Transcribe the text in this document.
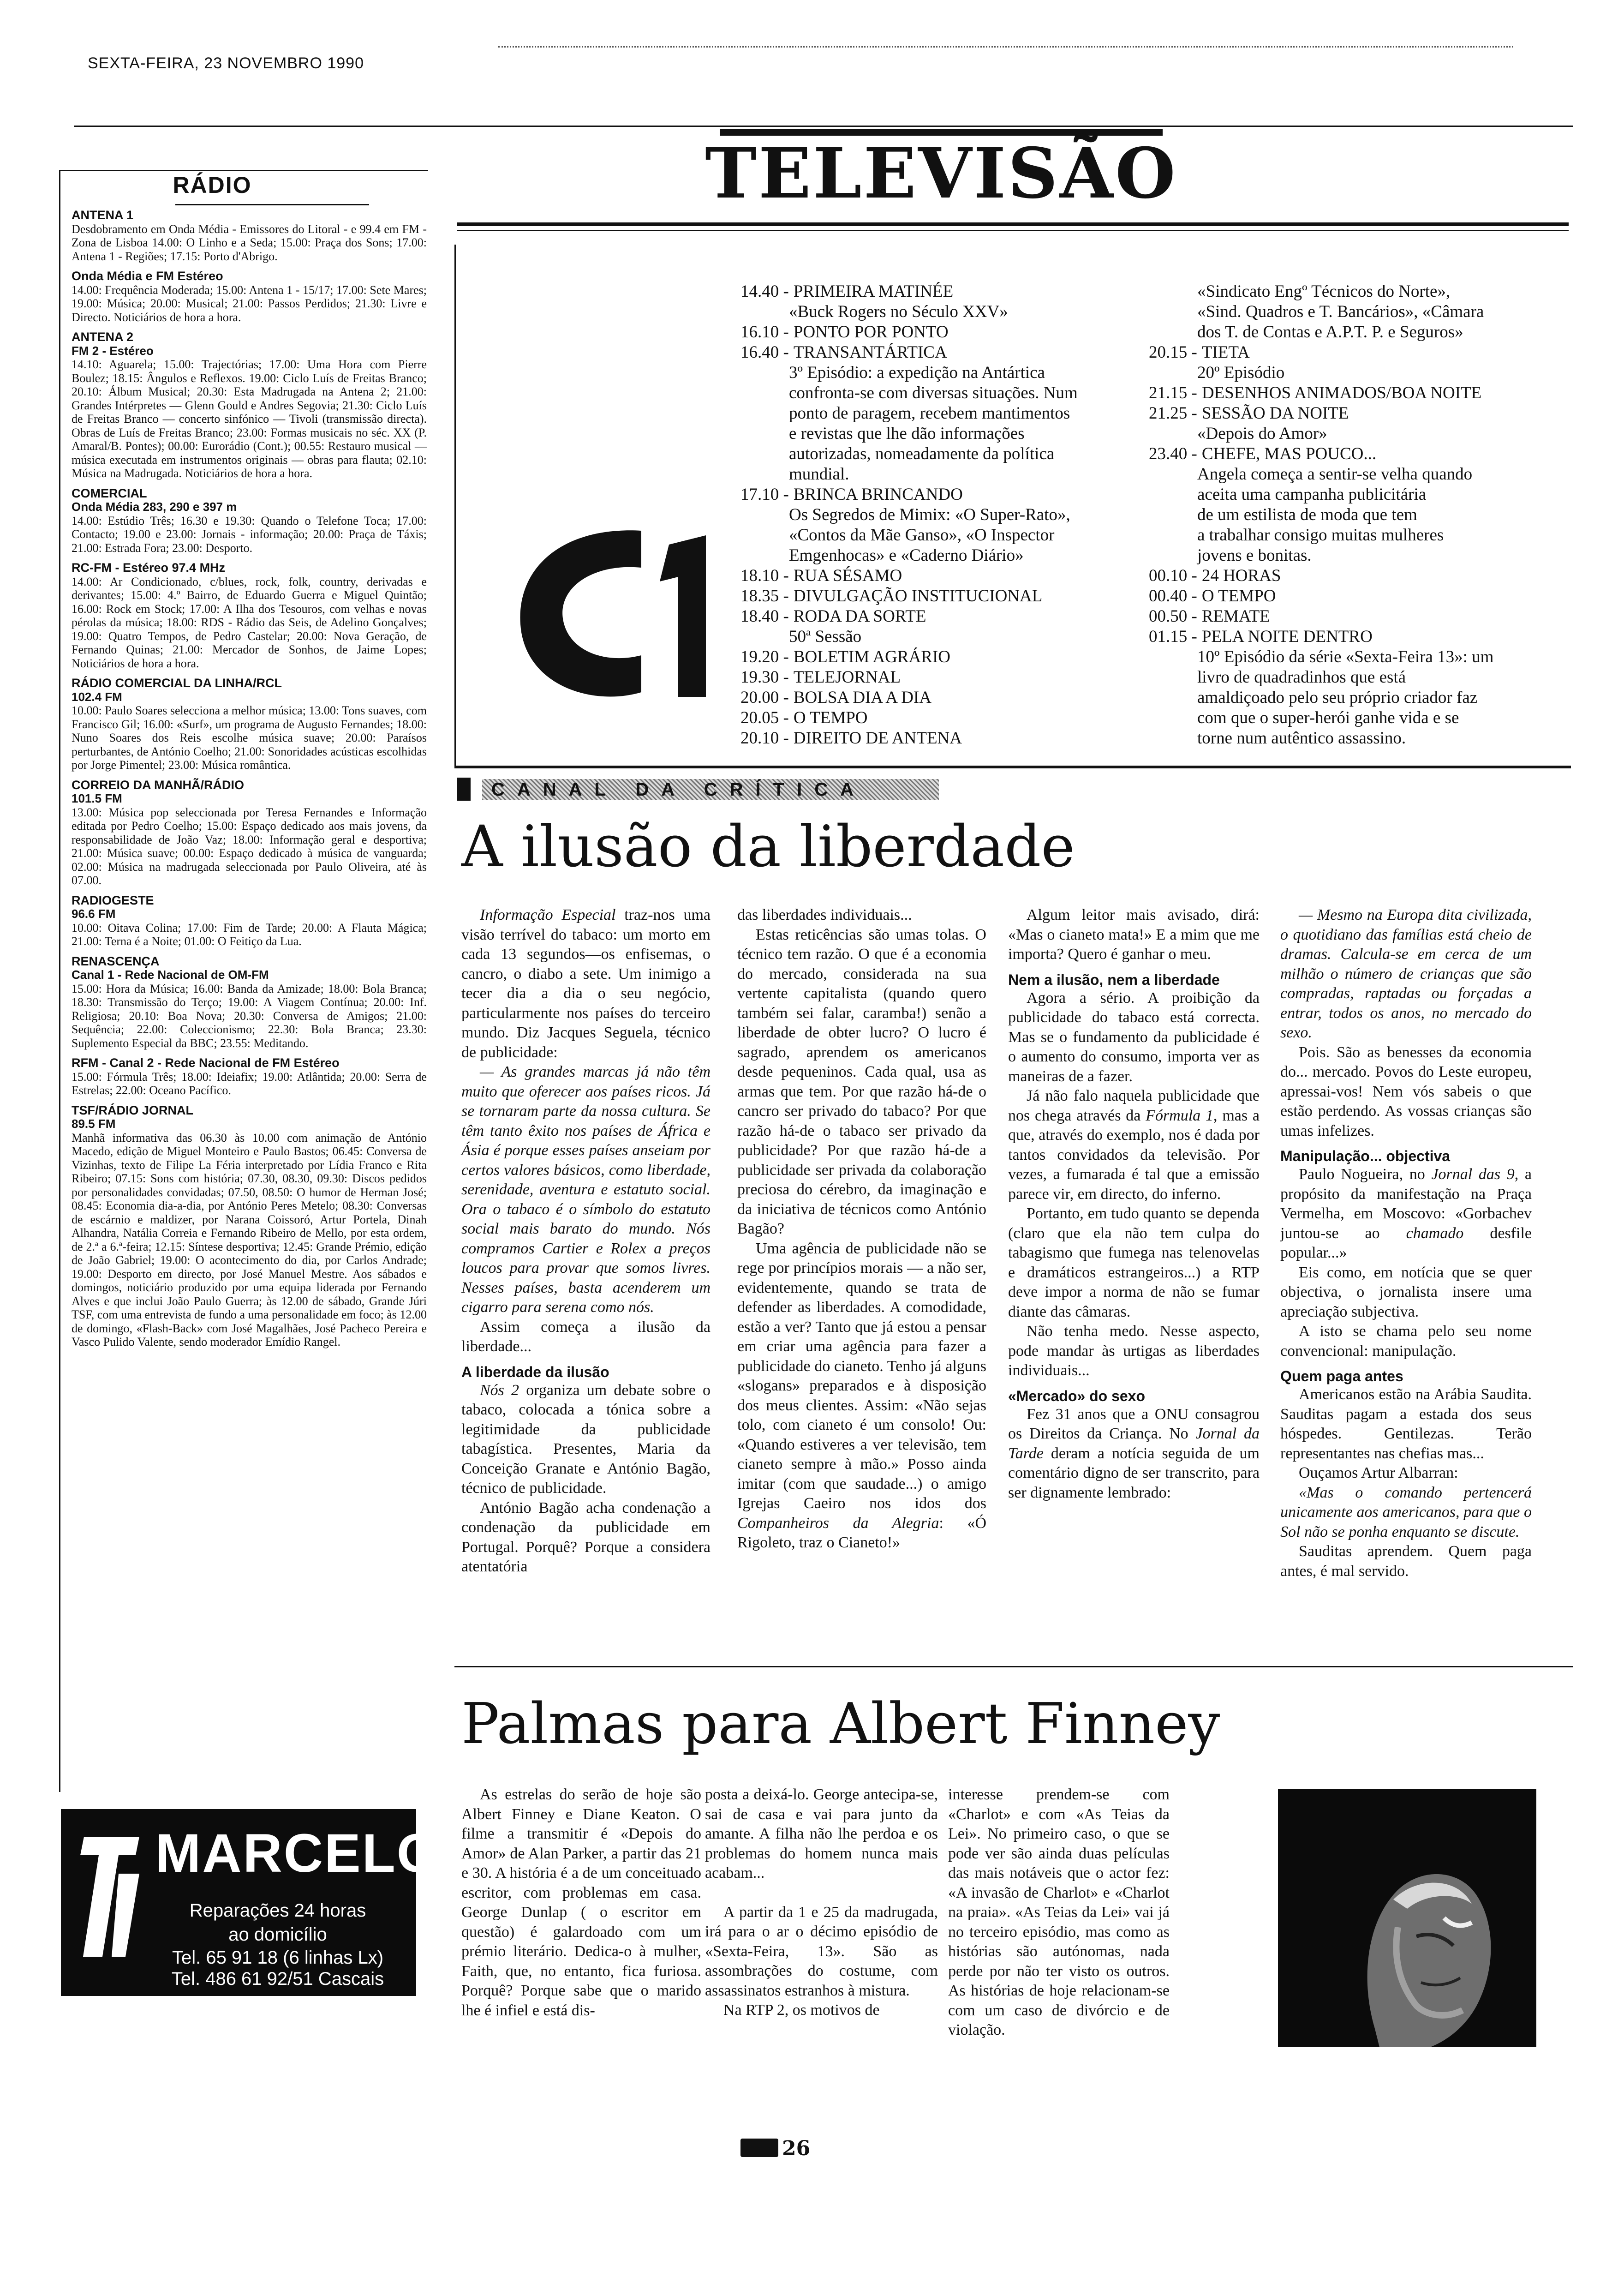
SEXTA-FEIRA, 23 NOVEMBRO 1990
RÁDIO
ANTENA 1
Desdobramento em Onda Média - Emissores do Litoral - e 99.4 em FM - Zona de Lisboa 14.00: O Linho e a Seda; 15.00: Praça dos Sons; 17.00: Antena 1 - Regiões; 17.15: Porto d'Abrigo.
Onda Média e FM Estéreo
14.00: Frequência Moderada; 15.00: Antena 1 - 15/17; 17.00: Sete Mares; 19.00: Música; 20.00: Musical; 21.00: Passos Perdidos; 21.30: Livre e Directo. Noticiários de hora a hora.
ANTENA 2
FM 2 - Estéreo
14.10: Aguarela; 15.00: Trajectórias; 17.00: Uma Hora com Pierre Boulez; 18.15: Ângulos e Reflexos. 19.00: Ciclo Luís de Freitas Branco; 20.10: Álbum Musical; 20.30: Esta Madrugada na Antena 2; 21.00: Grandes Intérpretes — Glenn Gould e Andres Segovia; 21.30: Ciclo Luís de Freitas Branco — concerto sinfónico — Tivoli (transmissão directa). Obras de Luís de Freitas Branco; 23.00: Formas musicais no séc. XX (P. Amaral/B. Pontes); 00.00: Eurorádio (Cont.); 00.55: Restauro musical — música executada em instrumentos originais — obras para flauta; 02.10: Música na Madrugada. Noticiários de hora a hora.
COMERCIAL
Onda Média 283, 290 e 397 m
14.00: Estúdio Três; 16.30 e 19.30: Quando o Telefone Toca; 17.00: Contacto; 19.00 e 23.00: Jornais - informação; 20.00: Praça de Táxis; 21.00: Estrada Fora; 23.00: Desporto.
RC-FM - Estéreo 97.4 MHz
14.00: Ar Condicionado, c/blues, rock, folk, country, derivadas e derivantes; 15.00: 4.º Bairro, de Eduardo Guerra e Miguel Quintão; 16.00: Rock em Stock; 17.00: A Ilha dos Tesouros, com velhas e novas pérolas da música; 18.00: RDS - Rádio das Seis, de Adelino Gonçalves; 19.00: Quatro Tempos, de Pedro Castelar; 20.00: Nova Geração, de Fernando Quinas; 21.00: Mercador de Sonhos, de Jaime Lopes; Noticiários de hora a hora.
RÁDIO COMERCIAL DA LINHA/RCL
102.4 FM
10.00: Paulo Soares selecciona a melhor música; 13.00: Tons suaves, com Francisco Gil; 16.00: «Surf», um programa de Augusto Fernandes; 18.00: Nuno Soares dos Reis escolhe música suave; 20.00: Paraísos perturbantes, de António Coelho; 21.00: Sonoridades acústicas escolhidas por Jorge Pimentel; 23.00: Música romântica.
CORREIO DA MANHÃ/RÁDIO
101.5 FM
13.00: Música pop seleccionada por Teresa Fernandes e Informação editada por Pedro Coelho; 15.00: Espaço dedicado aos mais jovens, da responsabilidade de João Vaz; 18.00: Informação geral e desportiva; 21.00: Música suave; 00.00: Espaço dedicado à música de vanguarda; 02.00: Música na madrugada seleccionada por Paulo Oliveira, até às 07.00.
RADIOGESTE
96.6 FM
10.00: Oitava Colina; 17.00: Fim de Tarde; 20.00: A Flauta Mágica; 21.00: Terna é a Noite; 01.00: O Feitiço da Lua.
RENASCENÇA
Canal 1 - Rede Nacional de OM-FM
15.00: Hora da Música; 16.00: Banda da Amizade; 18.00: Bola Branca; 18.30: Transmissão do Terço; 19.00: A Viagem Contínua; 20.00: Inf. Religiosa; 20.10: Boa Nova; 20.30: Conversa de Amigos; 21.00: Sequência; 22.00: Coleccionismo; 22.30: Bola Branca; 23.30: Suplemento Especial da BBC; 23.55: Meditando.
RFM - Canal 2 - Rede Nacional de FM Estéreo
15.00: Fórmula Três; 18.00: Ideiafix; 19.00: Atlântida; 20.00: Serra de Estrelas; 22.00: Oceano Pacífico.
TSF/RÁDIO JORNAL
89.5 FM
Manhã informativa das 06.30 às 10.00 com animação de António Macedo, edição de Miguel Monteiro e Paulo Bastos; 06.45: Conversa de Vizinhas, texto de Filipe La Féria interpretado por Lídia Franco e Rita Ribeiro; 07.15: Sons com história; 07.30, 08.30, 09.30: Discos pedidos por personalidades convidadas; 07.50, 08.50: O humor de Herman José; 08.45: Economia dia-a-dia, por António Peres Metelo; 08.30: Conversas de escárnio e maldizer, por Narana Coissoró, Artur Portela, Dinah Alhandra, Natália Correia e Fernando Ribeiro de Mello, por esta ordem, de 2.ª a 6.ª-feira; 12.15: Síntese desportiva; 12.45: Grande Prémio, edição de João Gabriel; 19.00: O acontecimento do dia, por Carlos Andrade; 19.00: Desporto em directo, por José Manuel Mestre. Aos sábados e domingos, noticiário produzido por uma equipa liderada por Fernando Alves e que inclui João Paulo Guerra; às 12.00 de sábado, Grande Júri TSF, com uma entrevista de fundo a uma personalidade em foco; às 12.00 de domingo, «Flash-Back» com José Magalhães, José Pacheco Pereira e Vasco Pulido Valente, sendo moderador Emídio Rangel.
MARCELO
Reparações 24 horas
ao domicílio
Tel. 65 91 18 (6 linhas Lx)
Tel. 486 61 92/51 Cascais
TELEVISÃO
14.40 - PRIMEIRA MATINÉE
«Buck Rogers no Século XXV»
16.10 - PONTO POR PONTO
16.40 - TRANSANTÁRTICA
3º Episódio: a expedição na Antártica
confronta-se com diversas situações. Num
ponto de paragem, recebem mantimentos
e revistas que lhe dão informações
autorizadas, nomeadamente da política
mundial.
17.10 - BRINCA BRINCANDO
Os Segredos de Mimix: «O Super-Rato»,
«Contos da Mãe Ganso», «O Inspector
Emgenhocas» e «Caderno Diário»
18.10 - RUA SÉSAMO
18.35 - DIVULGAÇÃO INSTITUCIONAL
18.40 - RODA DA SORTE
50ª Sessão
19.20 - BOLETIM AGRÁRIO
19.30 - TELEJORNAL
20.00 - BOLSA DIA A DIA
20.05 - O TEMPO
20.10 - DIREITO DE ANTENA
«Sindicato Engº Técnicos do Norte»,
«Sind. Quadros e T. Bancários», «Câmara
dos T. de Contas e A.P.T. P. e Seguros»
20.15 - TIETA
20º Episódio
21.15 - DESENHOS ANIMADOS/BOA NOITE
21.25 - SESSÃO DA NOITE
«Depois do Amor»
23.40 - CHEFE, MAS POUCO...
Angela começa a sentir-se velha quando
aceita uma campanha publicitária
de um estilista de moda que tem
a trabalhar consigo muitas mulheres
jovens e bonitas.
00.10 - 24 HORAS
00.40 - O TEMPO
00.50 - REMATE
01.15 - PELA NOITE DENTRO
10º Episódio da série «Sexta-Feira 13»: um
livro de quadradinhos que está
amaldiçoado pelo seu próprio criador faz
com que o super-herói ganhe vida e se
torne num autêntico assassino.
CANAL DA CRÍTICA
A ilusão da liberdade

Informação Especial traz-nos uma visão terrível do tabaco: um morto em cada 13 segundos—os enfisemas, o cancro, o diabo a sete. Um inimigo a tecer dia a dia o seu negócio, particularmente nos países do terceiro mundo. Diz Jacques Seguela, técnico de publicidade:

— As grandes marcas já não têm muito que oferecer aos países ricos. Já se tornaram parte da nossa cultura. Se têm tanto êxito nos países de África e Ásia é porque esses países anseiam por certos valores básicos, como liberdade, serenidade, aventura e estatuto social. Ora o tabaco é o símbolo do estatuto social mais barato do mundo. Nós compramos Cartier e Rolex a preços loucos para provar que somos livres. Nesses países, basta acenderem um cigarro para serena como nós.

Assim começa a ilusão da liberdade...

A liberdade da ilusão

Nós 2 organiza um debate sobre o tabaco, colocada a tónica sobre a legitimidade da publicidade tabagística. Presentes, Maria da Conceição Granate e António Bagão, técnico de publicidade.

António Bagão acha condenação a condenação da publicidade em Portugal. Porquê? Porque a considera atentatória

das liberdades individuais...

Estas reticências são umas tolas. O técnico tem razão. O que é a economia do mercado, considerada na sua vertente capitalista (quando quero também sei falar, caramba!) senão a liberdade de obter lucro? O lucro é sagrado, aprendem os americanos desde pequeninos. Cada qual, usa as armas que tem. Por que razão há-de o cancro ser privado do tabaco? Por que razão há-de o tabaco ser privado da publicidade? Por que razão há-de a publicidade ser privada da colaboração preciosa do cérebro, da imaginação e da iniciativa de técnicos como António Bagão?

Uma agência de publicidade não se rege por princípios morais — a não ser, evidentemente, quando se trata de defender as liberdades. A comodidade, estão a ver? Tanto que já estou a pensar em criar uma agência para fazer a publicidade do cianeto. Tenho já alguns «slogans» preparados e à disposição dos meus clientes. Assim: «Não sejas tolo, com cianeto é um consolo! Ou: «Quando estiveres a ver televisão, tem cianeto sempre à mão.» Posso ainda imitar (com que saudade...) o amigo Igrejas Caeiro nos idos dos Companheiros da Alegria: «Ó Rigoleto, traz o Cianeto!»

Algum leitor mais avisado, dirá: «Mas o cianeto mata!» E a mim que me importa? Quero é ganhar o meu.

Nem a ilusão, nem a liberdade

Agora a sério. A proibição da publicidade do tabaco está correcta. Mas se o fundamento da publicidade é o aumento do consumo, importa ver as maneiras de a fazer.

Já não falo naquela publicidade que nos chega através da Fórmula 1, mas a que, através do exemplo, nos é dada por tantos convidados da televisão. Por vezes, a fumarada é tal que a emissão parece vir, em directo, do inferno.

Portanto, em tudo quanto se dependa (claro que ela não tem culpa do tabagismo que fumega nas telenovelas e dramáticos estrangeiros...) a RTP deve impor a norma de não se fumar diante das câmaras.

Não tenha medo. Nesse aspecto, pode mandar às urtigas as liberdades individuais...

«Mercado» do sexo

Fez 31 anos que a ONU consagrou os Direitos da Criança. No Jornal da Tarde deram a notícia seguida de um comentário digno de ser transcrito, para ser dignamente lembrado:

— Mesmo na Europa dita civilizada, o quotidiano das famílias está cheio de dramas. Calcula-se em cerca de um milhão o número de crianças que são compradas, raptadas ou forçadas a entrar, todos os anos, no mercado do sexo.

Pois. São as benesses da economia do... mercado. Povos do Leste europeu, apressai-vos! Nem vós sabeis o que estão perdendo. As vossas crianças são umas infelizes.

Manipulação... objectiva

Paulo Nogueira, no Jornal das 9, a propósito da manifestação na Praça Vermelha, em Moscovo: «Gorbachev juntou-se ao chamado desfile popular...»

Eis como, em notícia que se quer objectiva, o jornalista insere uma apreciação subjectiva.

A isto se chama pelo seu nome convencional: manipulação.

Quem paga antes

Americanos estão na Arábia Saudita. Sauditas pagam a estada dos seus hóspedes. Gentilezas. Terão representantes nas chefias mas...

Ouçamos Artur Albarran:

«Mas o comando pertencerá unicamente aos americanos, para que o Sol não se ponha enquanto se discute.

Sauditas aprendem. Quem paga antes, é mal servido.

Palmas para Albert Finney

As estrelas do serão de hoje são Albert Finney e Diane Keaton. O filme a transmitir é «Depois do Amor» de Alan Parker, a partir das 21 e 30. A história é a de um conceituado escritor, com problemas em casa. George Dunlap ( o escritor em questão) é galardoado com um prémio literário. Dedica-o à mulher, Faith, que, no entanto, fica furiosa. Porquê? Porque sabe que o marido lhe é infiel e está dis-

posta a deixá-lo. George antecipa-se, sai de casa e vai para junto da amante. A filha não lhe perdoa e os problemas do homem nunca mais acabam...

A partir da 1 e 25 da madrugada, irá para o ar o décimo episódio de «Sexta-Feira, 13». São as assombrações do costume, com assassinatos estranhos à mistura.

Na RTP 2, os motivos de

interesse prendem-se com «Charlot» e com «As Teias da Lei». No primeiro caso, o que se pode ver são ainda duas películas das mais notáveis que o actor fez: «A invasão de Charlot» e «Charlot na praia». «As Teias da Lei» vai já no terceiro episódio, mas como as histórias são autónomas, nada perde por não ter visto os outros. As histórias de hoje relacionam-se com um caso de divórcio e de violação.

26
